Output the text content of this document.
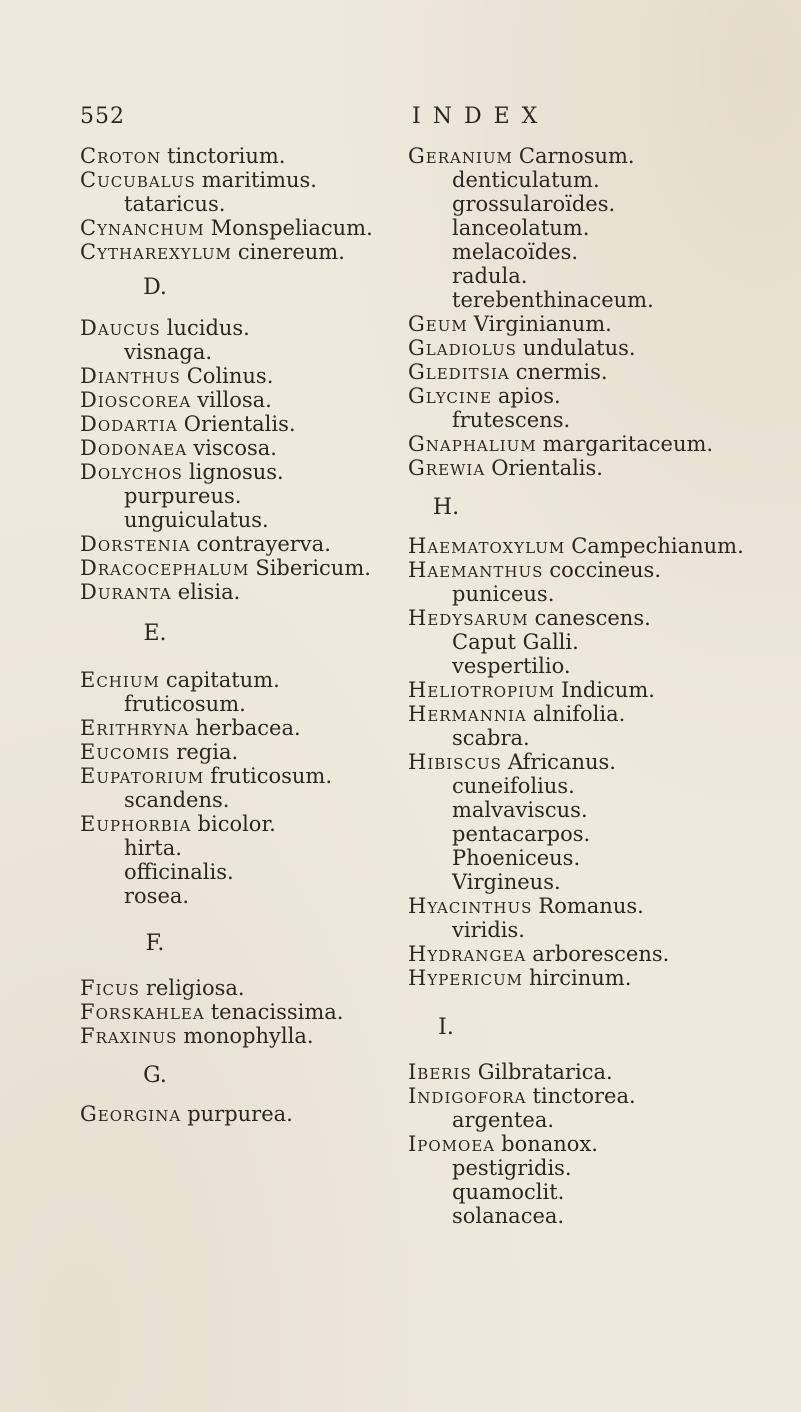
552	INDEX
Croton tinctorium.
Cucubalus maritimus.
tataricus.
Cynanchum Monspeliacum.
Cytharexylum cinereum.
D.
Daucus lucidus.
visnaga.
Dianthus Colinus.
Dioscorea villosa.
Dodartia Orientalis.
Dodonaea viscosa.
Dolychos lignosus.
purpureus.
unguiculatus.
Dorstenia contrayerva.
Dracocephalum Sibericum.
Duranta elisia.
E.
Echium capitatum.
fruticosum.
Erithryna herbacea.
Eucomis regia.
Eupatorium fruticosum.
scandens.
Euphorbia bicolor.
hirta.
officinalis.
rosea.
F.
Ficus religiosa.
Forskahlea tenacissima.
Fraxinus monophylla.
G.
Georgina purpurea.
Geranium Carnosum.
denticulatum.
grossularoïdes.
lanceolatum.
melacoïdes.
radula.
terebenthinaceum.
Geum Virginianum.
Gladiolus undulatus.
Gleditsia cnermis.
Glycine apios.
frutescens.
Gnaphalium margaritaceum.
Grewia Orientalis.
H.
Haematoxylum Campechianum.
Haemanthus coccineus.
puniceus.
Hedysarum canescens.
Caput Galli.
vespertilio.
Heliotropium Indicum.
Hermannia alnifolia.
scabra.
Hibiscus Africanus.
cuneifolius.
malvaviscus.
pentacarpos.
Phoeniceus.
Virgineus.
Hyacinthus Romanus.
viridis.
Hydrangea arborescens.
Hypericum hircinum.
I.
Iberis Gilbratarica.
Indigofora tinctorea.
argentea.
Ipomoea bonanox.
pestigridis.
quamoclit.
solanacea.
